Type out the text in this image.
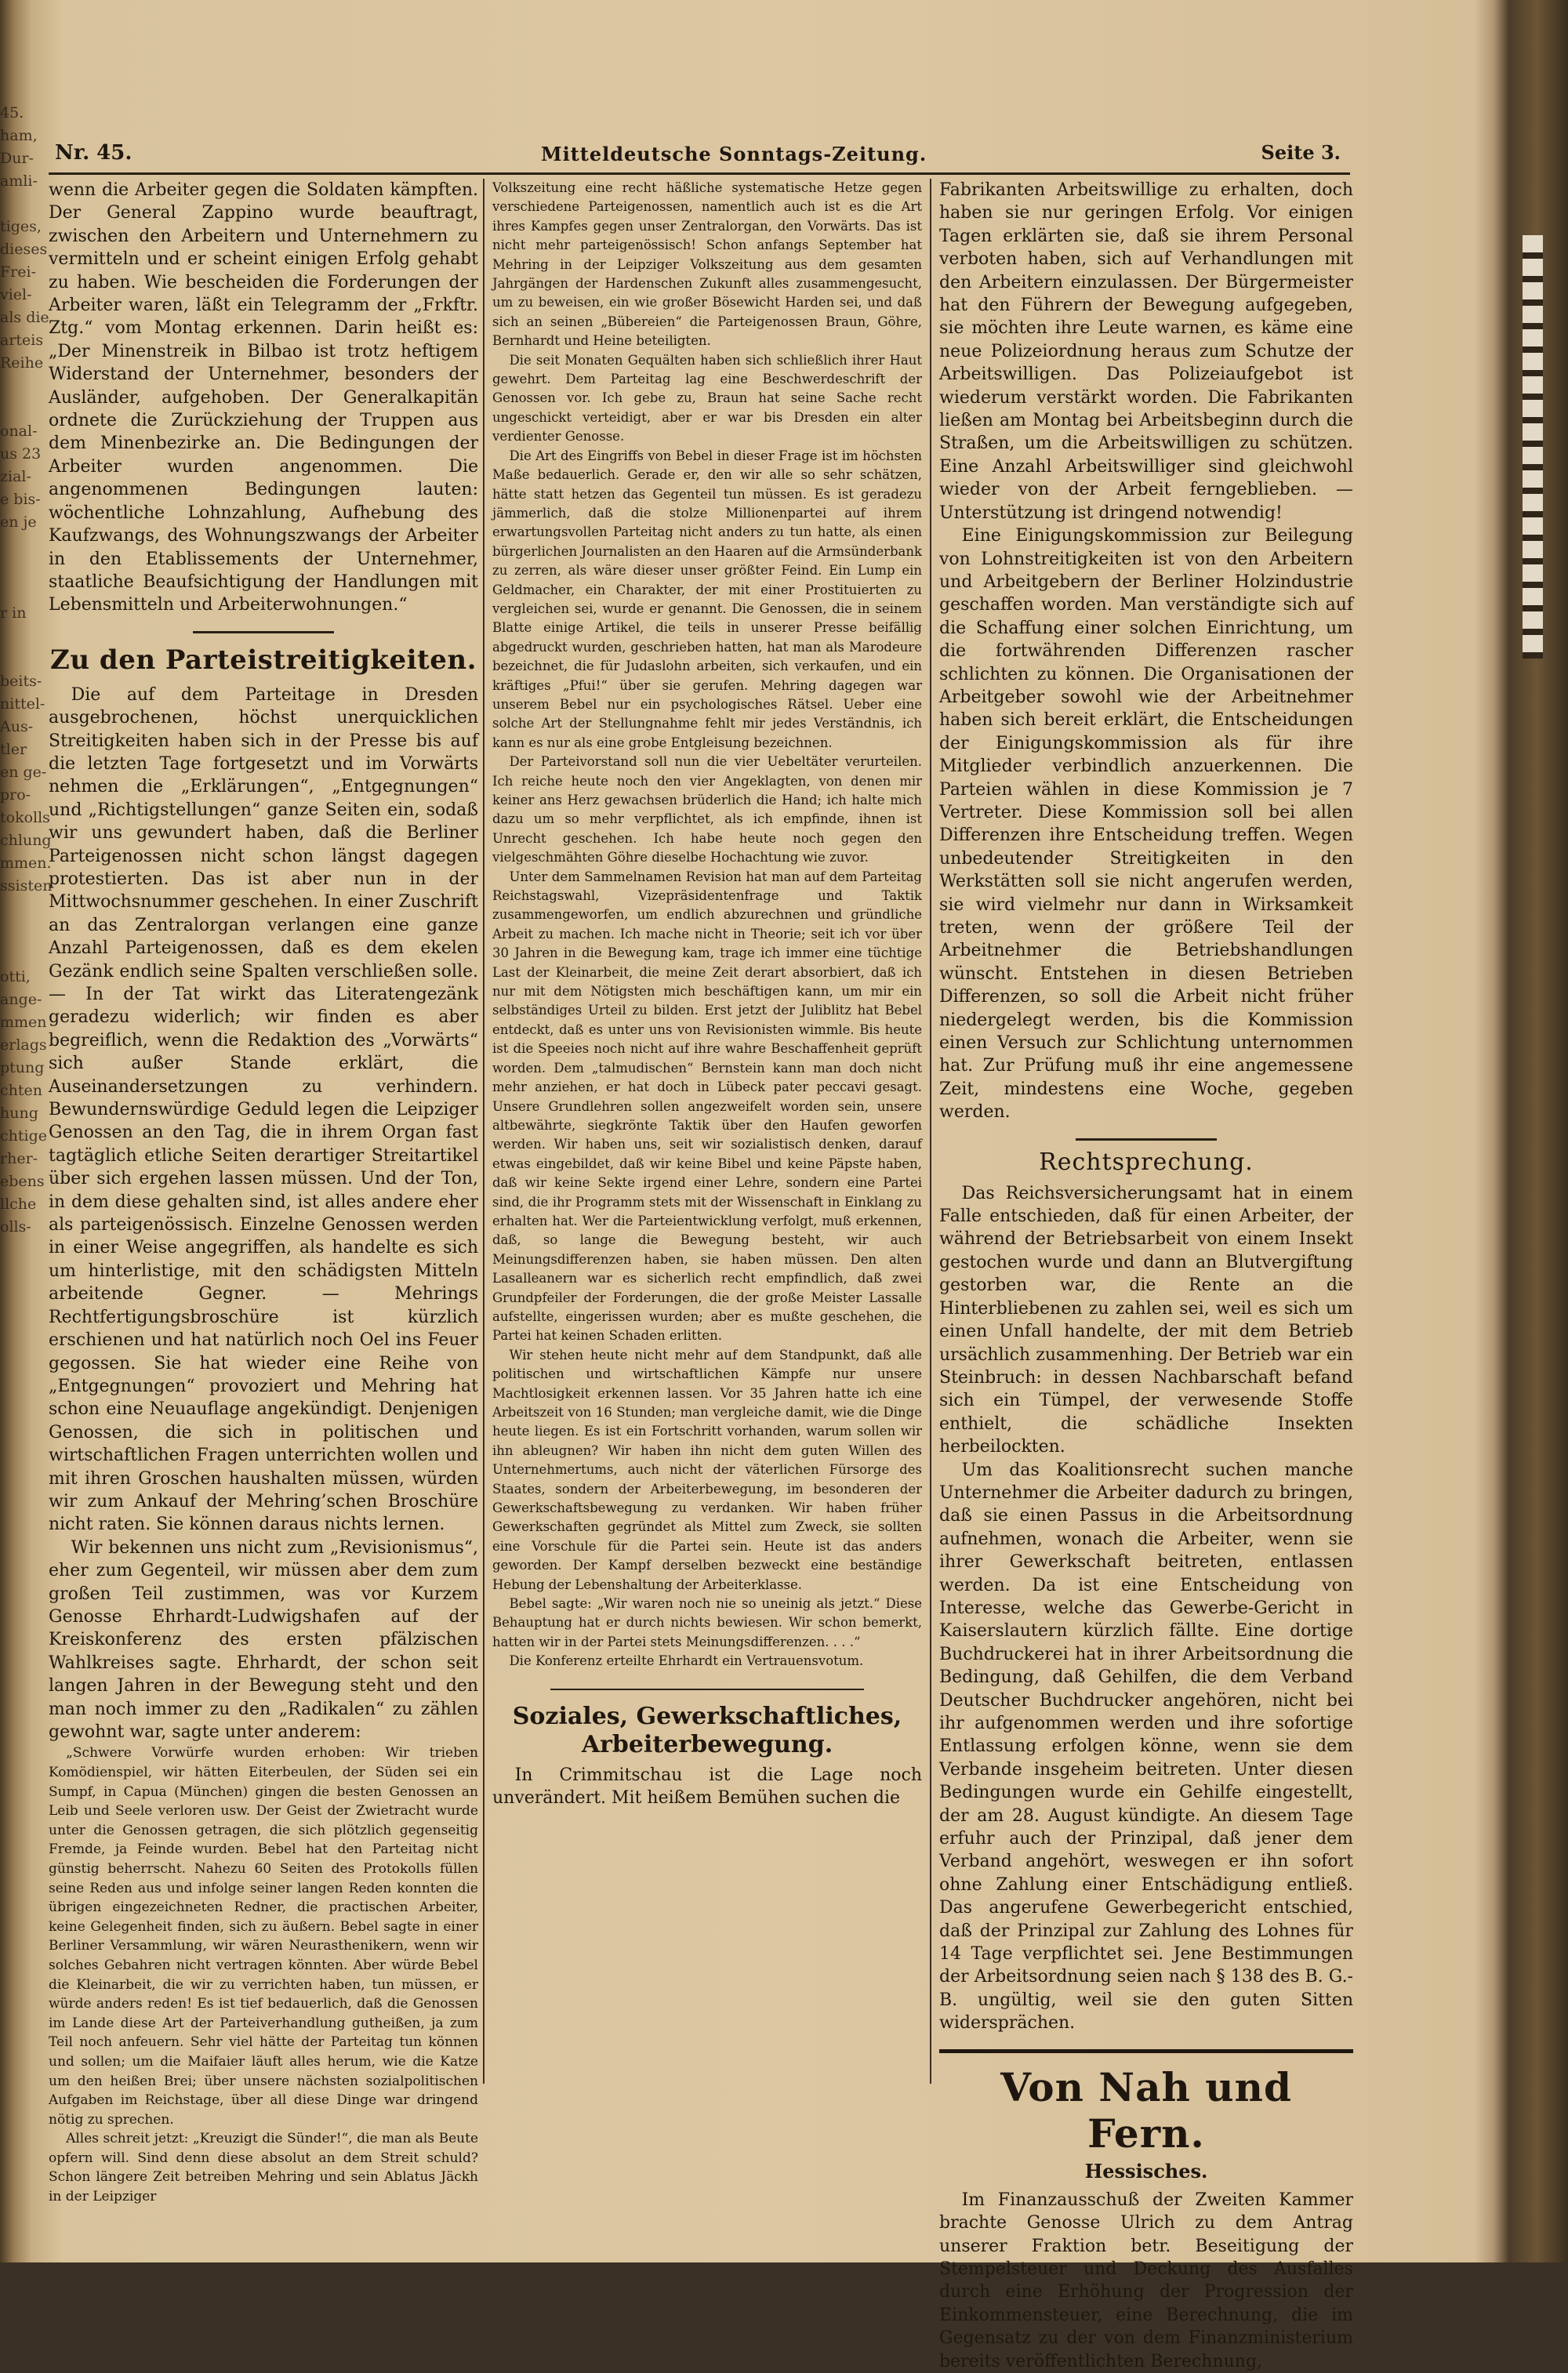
45.
ham,
Dur-
amli-

tiges,
dieses
Frei-
viel-
als die
arteis
Reihe

onal-
us 23
zial-
e bis-
en je

r in

beits-
nittel-
Aus-
tler
en ge-
pro-
tokolls
chlung
mmen.
ssisten

otti,
ange-
mmen
erlags
ptung
chten
hung
chtige
rher-
ebens
llche
olls-
Nr. 45.	Mitteldeutsche Sonntags-Zeitung.	Seite 3.

wenn die Arbeiter gegen die Soldaten kämpften. Der General Zappino wurde beauftragt, zwischen den Arbeitern und Unternehmern zu vermitteln und er scheint einigen Erfolg gehabt zu haben. Wie bescheiden die Forderungen der Arbeiter waren, läßt ein Telegramm der „Frkftr. Ztg.“ vom Montag erkennen. Darin heißt es: „Der Minenstreik in Bilbao ist trotz heftigem Widerstand der Unternehmer, besonders der Ausländer, aufgehoben. Der Generalkapitän ordnete die Zurückziehung der Truppen aus dem Minenbezirke an. Die Bedingungen der Arbeiter wurden angenommen. Die angenommenen Bedingungen lauten: wöchentliche Lohnzahlung, Aufhebung des Kaufzwangs, des Wohnungszwangs der Arbeiter in den Etablissements der Unternehmer, staatliche Beaufsichtigung der Handlungen mit Lebensmitteln und Arbeiterwohnungen.“

Zu den Parteistreitigkeiten.

Die auf dem Parteitage in Dresden ausgebrochenen, höchst unerquicklichen Streitigkeiten haben sich in der Presse bis auf die letzten Tage fortgesetzt und im Vorwärts nehmen die „Erklärungen“, „Entgegnungen“ und „Richtigstellungen“ ganze Seiten ein, sodaß wir uns gewundert haben, daß die Berliner Parteigenossen nicht schon längst dagegen protestierten. Das ist aber nun in der Mittwochsnummer geschehen. In einer Zuschrift an das Zentralorgan verlangen eine ganze Anzahl Parteigenossen, daß es dem ekelen Gezänk endlich seine Spalten verschließen solle. — In der Tat wirkt das Literatengezänk geradezu widerlich; wir finden es aber begreiflich, wenn die Redaktion des „Vorwärts“ sich außer Stande erklärt, die Auseinandersetzungen zu verhindern. Bewundernswürdige Geduld legen die Leipziger Genossen an den Tag, die in ihrem Organ fast tagtäglich etliche Seiten derartiger Streitartikel über sich ergehen lassen müssen. Und der Ton, in dem diese gehalten sind, ist alles andere eher als parteigenössisch. Einzelne Genossen werden in einer Weise angegriffen, als handelte es sich um hinterlistige, mit den schädigsten Mitteln arbeitende Gegner. — Mehrings Rechtfertigungsbroschüre ist kürzlich erschienen und hat natürlich noch Oel ins Feuer gegossen. Sie hat wieder eine Reihe von „Entgegnungen“ provoziert und Mehring hat schon eine Neuauflage angekündigt. Denjenigen Genossen, die sich in politischen und wirtschaftlichen Fragen unterrichten wollen und mit ihren Groschen haushalten müssen, würden wir zum Ankauf der Mehring’schen Broschüre nicht raten. Sie können daraus nichts lernen.

Wir bekennen uns nicht zum „Revisionismus“, eher zum Gegenteil, wir müssen aber dem zum großen Teil zustimmen, was vor Kurzem Genosse Ehrhardt-Ludwigshafen auf der Kreiskonferenz des ersten pfälzischen Wahlkreises sagte. Ehrhardt, der schon seit langen Jahren in der Bewegung steht und den man noch immer zu den „Radikalen“ zu zählen gewohnt war, sagte unter anderem:

„Schwere Vorwürfe wurden erhoben: Wir trieben Komödienspiel, wir hätten Eiterbeulen, der Süden sei ein Sumpf, in Capua (München) gingen die besten Genossen an Leib und Seele verloren usw. Der Geist der Zwietracht wurde unter die Genossen getragen, die sich plötzlich gegenseitig Fremde, ja Feinde wurden. Bebel hat den Parteitag nicht günstig beherrscht. Nahezu 60 Seiten des Protokolls füllen seine Reden aus und infolge seiner langen Reden konnten die übrigen eingezeichneten Redner, die practischen Arbeiter, keine Gelegenheit finden, sich zu äußern. Bebel sagte in einer Berliner Versammlung, wir wären Neurasthenikern, wenn wir solches Gebahren nicht vertragen könnten. Aber würde Bebel die Kleinarbeit, die wir zu verrichten haben, tun müssen, er würde anders reden! Es ist tief bedauerlich, daß die Genossen im Lande diese Art der Parteiverhandlung gutheißen, ja zum Teil noch anfeuern. Sehr viel hätte der Parteitag tun können und sollen; um die Maifaier läuft alles herum, wie die Katze um den heißen Brei; über unsere nächsten sozialpolitischen Aufgaben im Reichstage, über all diese Dinge war dringend nötig zu sprechen.

Alles schreit jetzt: „Kreuzigt die Sünder!“, die man als Beute opfern will. Sind denn diese absolut an dem Streit schuld? Schon längere Zeit betreiben Mehring und sein Ablatus Jäckh in der Leipziger

Volkszeitung eine recht häßliche systematische Hetze gegen verschiedene Parteigenossen, namentlich auch ist es die Art ihres Kampfes gegen unser Zentralorgan, den Vorwärts. Das ist nicht mehr parteigenössisch! Schon anfangs September hat Mehring in der Leipziger Volkszeitung aus dem gesamten Jahrgängen der Hardenschen Zukunft alles zusammengesucht, um zu beweisen, ein wie großer Bösewicht Harden sei, und daß sich an seinen „Bübereien“ die Parteigenossen Braun, Göhre, Bernhardt und Heine beteiligten.

Die seit Monaten Gequälten haben sich schließlich ihrer Haut gewehrt. Dem Parteitag lag eine Beschwerdeschrift der Genossen vor. Ich gebe zu, Braun hat seine Sache recht ungeschickt verteidigt, aber er war bis Dresden ein alter verdienter Genosse.

Die Art des Eingriffs von Bebel in dieser Frage ist im höchsten Maße bedauerlich. Gerade er, den wir alle so sehr schätzen, hätte statt hetzen das Gegenteil tun müssen. Es ist geradezu jämmerlich, daß die stolze Millionenpartei auf ihrem erwartungsvollen Parteitag nicht anders zu tun hatte, als einen bürgerlichen Journalisten an den Haaren auf die Armsünderbank zu zerren, als wäre dieser unser größter Feind. Ein Lump ein Geldmacher, ein Charakter, der mit einer Prostituierten zu vergleichen sei, wurde er genannt. Die Genossen, die in seinem Blatte einige Artikel, die teils in unserer Presse beifällig abgedruckt wurden, geschrieben hatten, hat man als Marodeure bezeichnet, die für Judaslohn arbeiten, sich verkaufen, und ein kräftiges „Pfui!“ über sie gerufen. Mehring dagegen war unserem Bebel nur ein psychologisches Rätsel. Ueber eine solche Art der Stellungnahme fehlt mir jedes Verständnis, ich kann es nur als eine grobe Entgleisung bezeichnen.

Der Parteivorstand soll nun die vier Uebeltäter verurteilen. Ich reiche heute noch den vier Angeklagten, von denen mir keiner ans Herz gewachsen brüderlich die Hand; ich halte mich dazu um so mehr verpflichtet, als ich empfinde, ihnen ist Unrecht geschehen. Ich habe heute noch gegen den vielgeschmähten Göhre dieselbe Hochachtung wie zuvor.

Unter dem Sammelnamen Revision hat man auf dem Parteitag Reichstagswahl, Vizepräsidentenfrage und Taktik zusammengeworfen, um endlich abzurechnen und gründliche Arbeit zu machen. Ich mache nicht in Theorie; seit ich vor über 30 Jahren in die Bewegung kam, trage ich immer eine tüchtige Last der Kleinarbeit, die meine Zeit derart absorbiert, daß ich nur mit dem Nötigsten mich beschäftigen kann, um mir ein selbständiges Urteil zu bilden. Erst jetzt der Juliblitz hat Bebel entdeckt, daß es unter uns von Revisionisten wimmle. Bis heute ist die Speeies noch nicht auf ihre wahre Beschaffenheit geprüft worden. Dem „talmudischen“ Bernstein kann man doch nicht mehr anziehen, er hat doch in Lübeck pater peccavi gesagt. Unsere Grundlehren sollen angezweifelt worden sein, unsere altbewährte, siegkrönte Taktik über den Haufen geworfen werden. Wir haben uns, seit wir sozialistisch denken, darauf etwas eingebildet, daß wir keine Bibel und keine Päpste haben, daß wir keine Sekte irgend einer Lehre, sondern eine Partei sind, die ihr Programm stets mit der Wissenschaft in Einklang zu erhalten hat. Wer die Parteientwicklung verfolgt, muß erkennen, daß, so lange die Bewegung besteht, wir auch Meinungsdifferenzen haben, sie haben müssen. Den alten Lasalleanern war es sicherlich recht empfindlich, daß zwei Grundpfeiler der Forderungen, die der große Meister Lassalle aufstellte, eingerissen wurden; aber es mußte geschehen, die Partei hat keinen Schaden erlitten.

Wir stehen heute nicht mehr auf dem Standpunkt, daß alle politischen und wirtschaftlichen Kämpfe nur unsere Machtlosigkeit erkennen lassen. Vor 35 Jahren hatte ich eine Arbeitszeit von 16 Stunden; man vergleiche damit, wie die Dinge heute liegen. Es ist ein Fortschritt vorhanden, warum sollen wir ihn ableugnen? Wir haben ihn nicht dem guten Willen des Unternehmertums, auch nicht der väterlichen Fürsorge des Staates, sondern der Arbeiterbewegung, im besonderen der Gewerkschaftsbewegung zu verdanken. Wir haben früher Gewerkschaften gegründet als Mittel zum Zweck, sie sollten eine Vorschule für die Partei sein. Heute ist das anders geworden. Der Kampf derselben bezweckt eine beständige Hebung der Lebenshaltung der Arbeiterklasse.

Bebel sagte: „Wir waren noch nie so uneinig als jetzt.“ Diese Behauptung hat er durch nichts bewiesen. Wir schon bemerkt, hatten wir in der Partei stets Meinungsdifferenzen. . . .“

Die Konferenz erteilte Ehrhardt ein Vertrauensvotum.

Soziales, Gewerkschaftliches, Arbeiterbewegung.

In Crimmitschau ist die Lage noch unverändert. Mit heißem Bemühen suchen die

Fabrikanten Arbeitswillige zu erhalten, doch haben sie nur geringen Erfolg. Vor einigen Tagen erklärten sie, daß sie ihrem Personal verboten haben, sich auf Verhandlungen mit den Arbeitern einzulassen. Der Bürgermeister hat den Führern der Bewegung aufgegeben, sie möchten ihre Leute warnen, es käme eine neue Polizeiordnung heraus zum Schutze der Arbeitswilligen. Das Polizeiaufgebot ist wiederum verstärkt worden. Die Fabrikanten ließen am Montag bei Arbeitsbeginn durch die Straßen, um die Arbeitswilligen zu schützen. Eine Anzahl Arbeitswilliger sind gleichwohl wieder von der Arbeit ferngeblieben. — Unterstützung ist dringend notwendig!

Eine Einigungskommission zur Beilegung von Lohnstreitigkeiten ist von den Arbeitern und Arbeitgebern der Berliner Holzindustrie geschaffen worden. Man verständigte sich auf die Schaffung einer solchen Einrichtung, um die fortwährenden Differenzen rascher schlichten zu können. Die Organisationen der Arbeitgeber sowohl wie der Arbeitnehmer haben sich bereit erklärt, die Entscheidungen der Einigungskommission als für ihre Mitglieder verbindlich anzuerkennen. Die Parteien wählen in diese Kommission je 7 Vertreter. Diese Kommission soll bei allen Differenzen ihre Entscheidung treffen. Wegen unbedeutender Streitigkeiten in den Werkstätten soll sie nicht angerufen werden, sie wird vielmehr nur dann in Wirksamkeit treten, wenn der größere Teil der Arbeitnehmer die Betriebshandlungen wünscht. Entstehen in diesen Betrieben Differenzen, so soll die Arbeit nicht früher niedergelegt werden, bis die Kommission einen Versuch zur Schlichtung unternommen hat. Zur Prüfung muß ihr eine angemessene Zeit, mindestens eine Woche, gegeben werden.

Rechtsprechung.

Das Reichsversicherungsamt hat in einem Falle entschieden, daß für einen Arbeiter, der während der Betriebsarbeit von einem Insekt gestochen wurde und dann an Blutvergiftung gestorben war, die Rente an die Hinterbliebenen zu zahlen sei, weil es sich um einen Unfall handelte, der mit dem Betrieb ursächlich zusammenhing. Der Betrieb war ein Steinbruch: in dessen Nachbarschaft befand sich ein Tümpel, der verwesende Stoffe enthielt, die schädliche Insekten herbeilockten.

Um das Koalitionsrecht suchen manche Unternehmer die Arbeiter dadurch zu bringen, daß sie einen Passus in die Arbeitsordnung aufnehmen, wonach die Arbeiter, wenn sie ihrer Gewerkschaft beitreten, entlassen werden. Da ist eine Entscheidung von Interesse, welche das Gewerbe-Gericht in Kaiserslautern kürzlich fällte. Eine dortige Buchdruckerei hat in ihrer Arbeitsordnung die Bedingung, daß Gehilfen, die dem Verband Deutscher Buchdrucker angehören, nicht bei ihr aufgenommen werden und ihre sofortige Entlassung erfolgen könne, wenn sie dem Verbande insgeheim beitreten. Unter diesen Bedingungen wurde ein Gehilfe eingestellt, der am 28. August kündigte. An diesem Tage erfuhr auch der Prinzipal, daß jener dem Verband angehört, weswegen er ihn sofort ohne Zahlung einer Entschädigung entließ. Das angerufene Gewerbegericht entschied, daß der Prinzipal zur Zahlung des Lohnes für 14 Tage verpflichtet sei. Jene Bestimmungen der Arbeitsordnung seien nach § 138 des B. G.-B. ungültig, weil sie den guten Sitten widersprächen.

Von Nah und Fern.
Hessisches.

Im Finanzausschuß der Zweiten Kammer brachte Genosse Ulrich zu dem Antrag unserer Fraktion betr. Beseitigung der Stempelsteuer und Deckung des Ausfalles durch eine Erhöhung der Progression der Einkommensteuer, eine Berechnung, die im Gegensatz zu der von dem Finanzministerium bereits veröffentlichten Berechnung,
